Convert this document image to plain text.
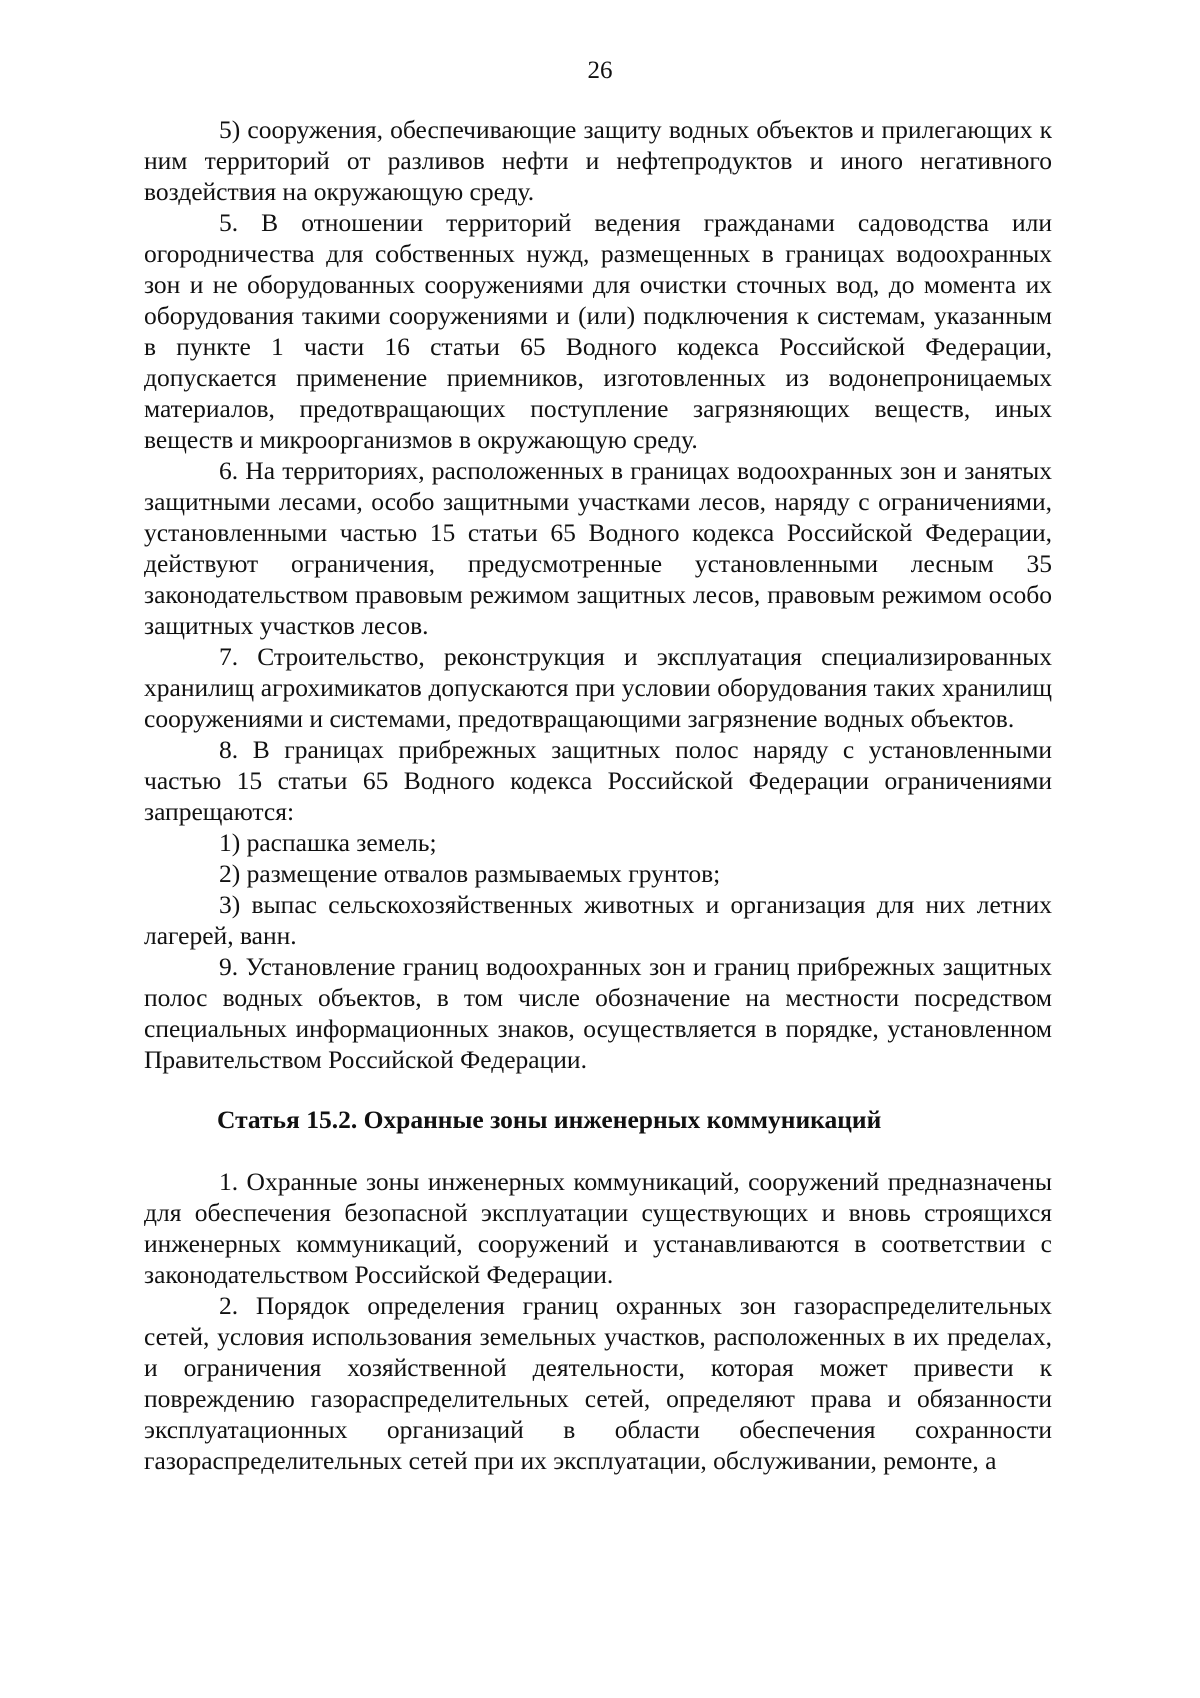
26

5) сооружения, обеспечивающие защиту водных объектов и прилегающих к ним территорий от разливов нефти и нефтепродуктов и иного негативного воздействия на окружающую среду.

5. В отношении территорий ведения гражданами садоводства или огородничества для собственных нужд, размещенных в границах водоохранных зон и не оборудованных сооружениями для очистки сточных вод, до момента их оборудования такими сооружениями и (или) подключения к системам, указанным в пункте 1 части 16 статьи 65 Водного кодекса Российской Федерации, допускается применение приемников, изготовленных из водонепроницаемых материалов, предотвращающих поступление загрязняющих веществ, иных веществ и микроорганизмов в окружающую среду.

6. На территориях, расположенных в границах водоохранных зон и занятых защитными лесами, особо защитными участками лесов, наряду с ограничениями, установленными частью 15 статьи 65 Водного кодекса Российской Федерации, действуют ограничения, предусмотренные установленными лесным 35 законодательством правовым режимом защитных лесов, правовым режимом особо защитных участков лесов.

7. Строительство, реконструкция и эксплуатация специализированных хранилищ агрохимикатов допускаются при условии оборудования таких хранилищ сооружениями и системами, предотвращающими загрязнение водных объектов.

8. В границах прибрежных защитных полос наряду с установленными частью 15 статьи 65 Водного кодекса Российской Федерации ограничениями запрещаются:

1) распашка земель;

2) размещение отвалов размываемых грунтов;

3) выпас сельскохозяйственных животных и организация для них летних лагерей, ванн.

9. Установление границ водоохранных зон и границ прибрежных защитных полос водных объектов, в том числе обозначение на местности посредством специальных информационных знаков, осуществляется в порядке, установленном Правительством Российской Федерации.

Статья 15.2. Охранные зоны инженерных коммуникаций

1. Охранные зоны инженерных коммуникаций, сооружений предназначены для обеспечения безопасной эксплуатации существующих и вновь строящихся инженерных коммуникаций, сооружений и устанавливаются в соответствии с законодательством Российской Федерации.

2. Порядок определения границ охранных зон газораспределительных сетей, условия использования земельных участков, расположенных в их пределах, и ограничения хозяйственной деятельности, которая может привести к повреждению газораспределительных сетей, определяют права и обязанности эксплуатационных организаций в области обеспечения сохранности газораспределительных сетей при их эксплуатации, обслуживании, ремонте, а
